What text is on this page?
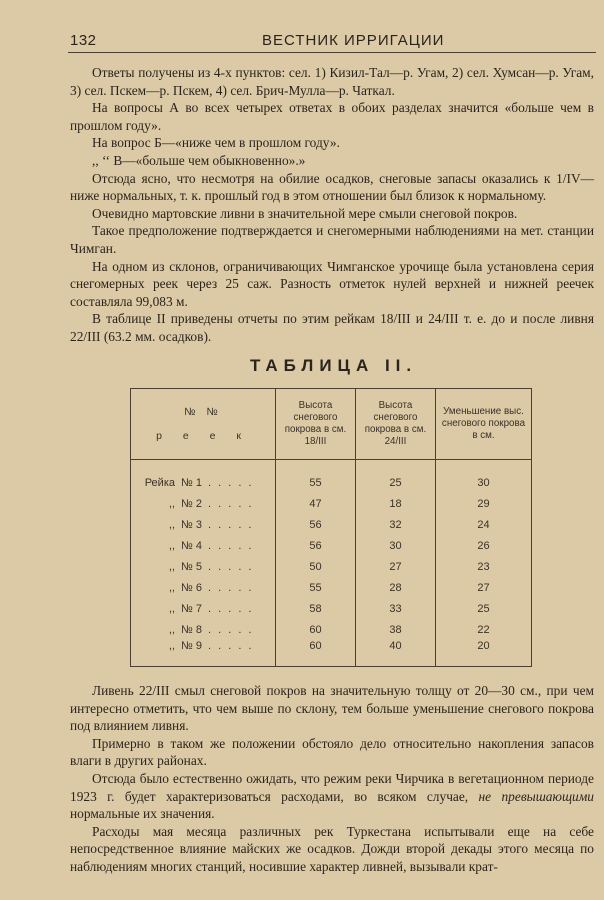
132	ВЕСТНИК ИРРИГАЦИИ

Ответы получены из 4-х пунктов: сел. 1) Кизил-Тал—р. Угам, 2) сел. Хумсан—р. Угам, 3) сел. Пскем—р. Пскем, 4) сел. Брич-Мулла—р. Чаткал.

На вопросы А во всех четырех ответах в обоих разделах значится «больше чем в прошлом году».

На вопрос Б—«ниже чем в прошлом году».

,, ‘‘ В—«больше чем обыкновенно».»

Отсюда ясно, что несмотря на обилие осадков, снеговые запасы оказались к 1/IV—ниже нормальных, т. к. прошлый год в этом отношении был близок к нормальному.

Очевидно мартовские ливни в значительной мере смыли снеговой покров.

Такое предположение подтверждается и снегомерными наблюдениями на мет. станции Чимган.

На одном из склонов, ограничивающих Чимганское урочище была установлена серия снегомерных реек через 25 саж. Разность отметок нулей верхней и нижней реечек составляла 99,083 м.

В таблице II приведены отчеты по этим рейкам 18/III и 24/III т. е. до и после ливня 22/III (63.2 мм. осадков).

ТАБЛИЦА II.
№ №
р е е к	Высота снегового покрова в см. 18/III	Высота снегового покрова в см. 24/III	Уменьшение выс. снегового покрова в см.

Рейка № 1 . . . . .	55	25	30
,, № 2 . . . . .	47	18	29
,, № 3 . . . . .	56	32	24
,, № 4 . . . . .	56	30	26
,, № 5 . . . . .	50	27	23
,, № 6 . . . . .	55	28	27
,, № 7 . . . . .	58	33	25
,, № 8 . . . . .	60	38	22
,, № 9 . . . . .	60	40	20

Ливень 22/III смыл снеговой покров на значительную толщу от 20—30 см., при чем интересно отметить, что чем выше по склону, тем больше уменьшение снегового покрова под влиянием ливня.

Примерно в таком же положении обстояло дело относительно накопления запасов влаги в других районах.

Отсюда было естественно ожидать, что режим реки Чирчика в вегетационном периоде 1923 г. будет характеризоваться расходами, во всяком случае, не превышающими нормальные их значения.

Расходы мая месяца различных рек Туркестана испытывали еще на себе непосредственное влияние майских же осадков. Дожди второй декады этого месяца по наблюдениям многих станций, носившие характер ливней, вызывали крат-
